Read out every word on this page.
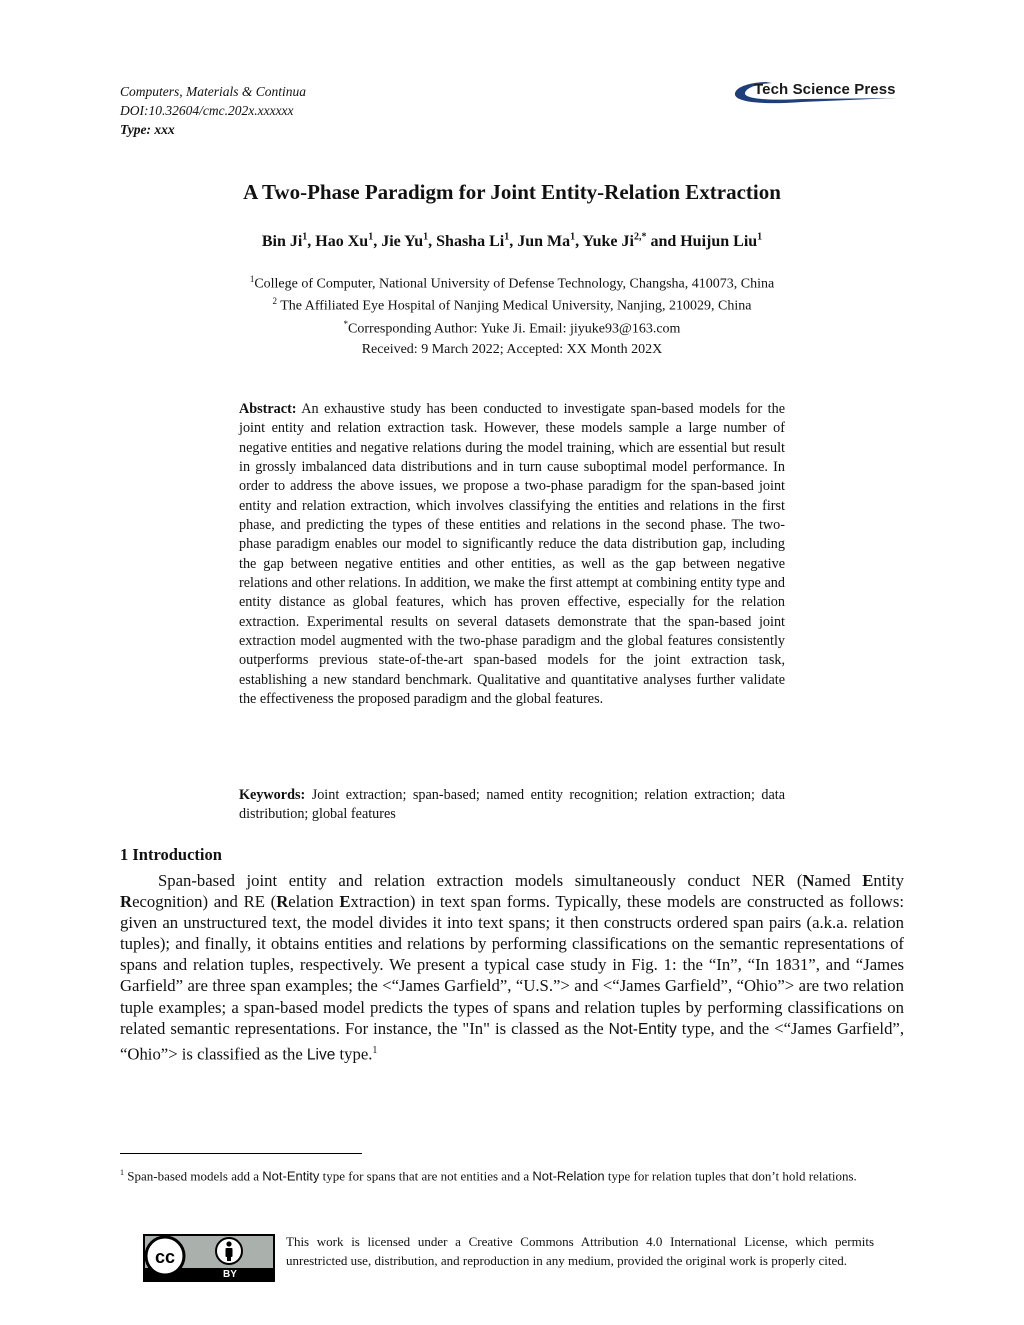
Computers, Materials & Continua
DOI:10.32604/cmc.202x.xxxxxx
Type: xxx
Tech Science Press
A Two-Phase Paradigm for Joint Entity-Relation Extraction
Bin Ji$^1$, Hao Xu$^1$, Jie Yu$^1$, Shasha Li$^1$, Jun Ma$^1$, Yuke $Ji^{2,*}$ and Huijun Liu$^1$
$^1$College of Computer, National University of Defense Technology, Changsha, 410073, China
$^2$ The Affiliated Eye Hospital of Nanjing Medical University, Nanjing, 210029, China
*Corresponding Author: Yuke Ji. Email: jiyuke93@163.com
Received: 9 March 2022; Accepted: XX Month 202X
Abstract: An exhaustive study has been conducted to investigate span-based models for the joint entity and relation extraction task. However, these models sample a large number of negative entities and negative relations during the model training, which are essential but result in grossly imbalanced data distributions and in turn cause suboptimal model performance. In order to address the above issues, we propose a two-phase paradigm for the span-based joint entity and relation extraction, which involves classifying the entities and relations in the first phase, and predicting the types of these entities and relations in the second phase. The two-phase paradigm enables our model to significantly reduce the data distribution gap, including the gap between negative entities and other entities, as well as the gap between negative relations and other relations. In addition, we make the first attempt at combining entity type and entity distance as global features, which has proven effective, especially for the relation extraction. Experimental results on several datasets demonstrate that the span-based joint extraction model augmented with the two-phase paradigm and the global features consistently outperforms previous state-of-the-art span-based models for the joint extraction task, establishing a new standard benchmark. Qualitative and quantitative analyses further validate the effectiveness the proposed paradigm and the global features.
Keywords: Joint extraction; span-based; named entity recognition; relation extraction; data distribution; global features
1 Introduction

Span-based joint entity and relation extraction models simultaneously conduct NER (Named Entity Recognition) and RE (Relation Extraction) in text span forms. Typically, these models are constructed as follows: given an unstructured text, the model divides it into text spans; it then constructs ordered span pairs (a.k.a. relation tuples); and finally, it obtains entities and relations by performing classifications on the semantic representations of spans and relation tuples, respectively. We present a typical case study in Fig. 1: the “In”, “In 1831”, and “James Garfield” are three span examples; the <“James Garfield”, “U.S.”> and <“James Garfield”, “Ohio”> are two relation tuple examples; a span-based model predicts the types of spans and relation tuples by performing classifications on related semantic representations. For instance, the "In" is classed as the Not-Entity type, and the <“James Garfield”, “Ohio”> is classified as the Live type.$^1$

$^1$ Span-based models add a Not-Entity type for spans that are not entities and a Not-Relation type for relation tuples that don’t hold relations.
cc
BY
This work is licensed under a Creative Commons Attribution 4.0 International License, which permits unrestricted use, distribution, and reproduction in any medium, provided the original work is properly cited.
